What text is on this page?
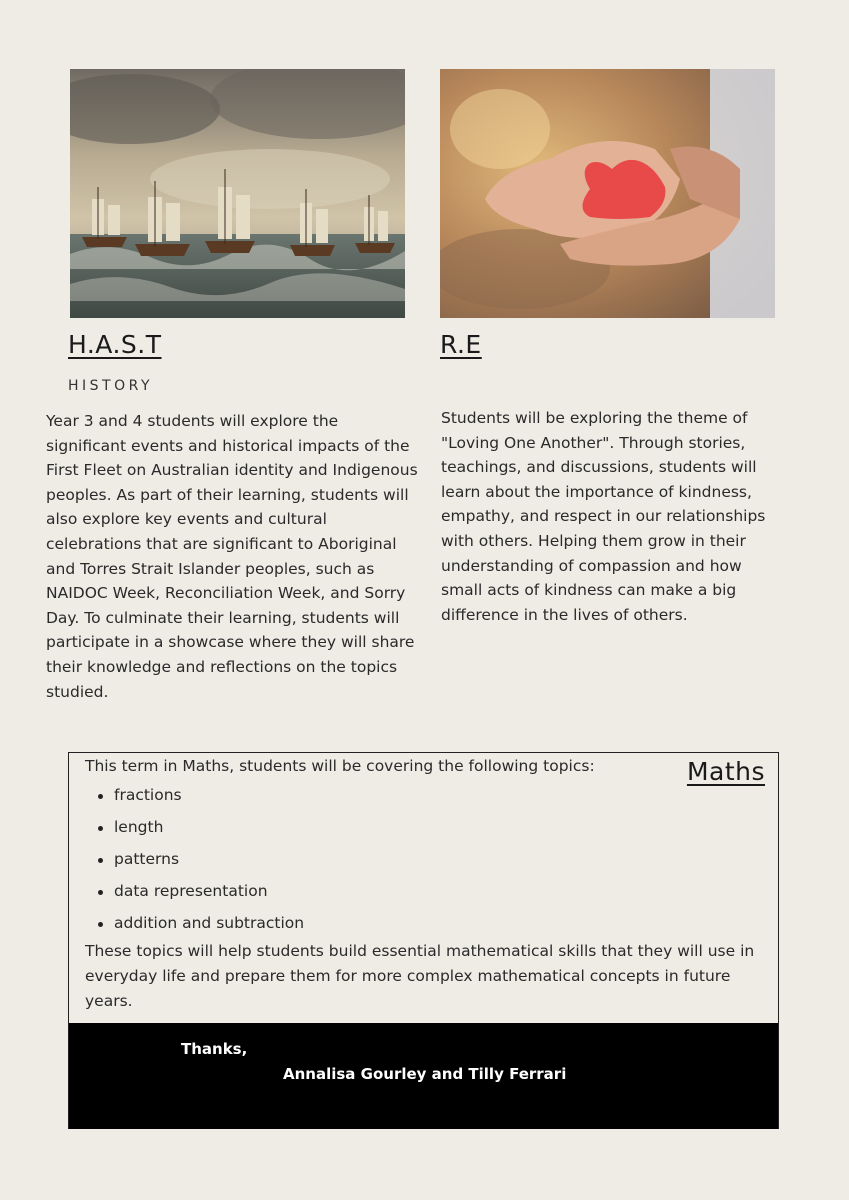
H.A.S.T
HISTORY
Year 3 and 4 students will explore the significant events and historical impacts of the First Fleet on Australian identity and Indigenous peoples. As part of their learning, students will also explore key events and cultural celebrations that are significant to Aboriginal and Torres Strait Islander peoples, such as NAIDOC Week, Reconciliation Week, and Sorry Day. To culminate their learning, students will participate in a showcase where they will share their knowledge and reflections on the topics studied.
R.E
Students will be exploring the theme of "Loving One Another". Through stories, teachings, and discussions, students will learn about the importance of kindness, empathy, and respect in our relationships with others. Helping them grow in their understanding of compassion and how small acts of kindness can make a big difference in the lives of others.
Maths
This term in Maths, students will be covering the following topics:
fractions
length
patterns
data representation
addition and subtraction
These topics will help students build essential mathematical skills that they will use in everyday life and prepare them for more complex mathematical concepts in future years.
Thanks,
Annalisa Gourley and Tilly Ferrari
